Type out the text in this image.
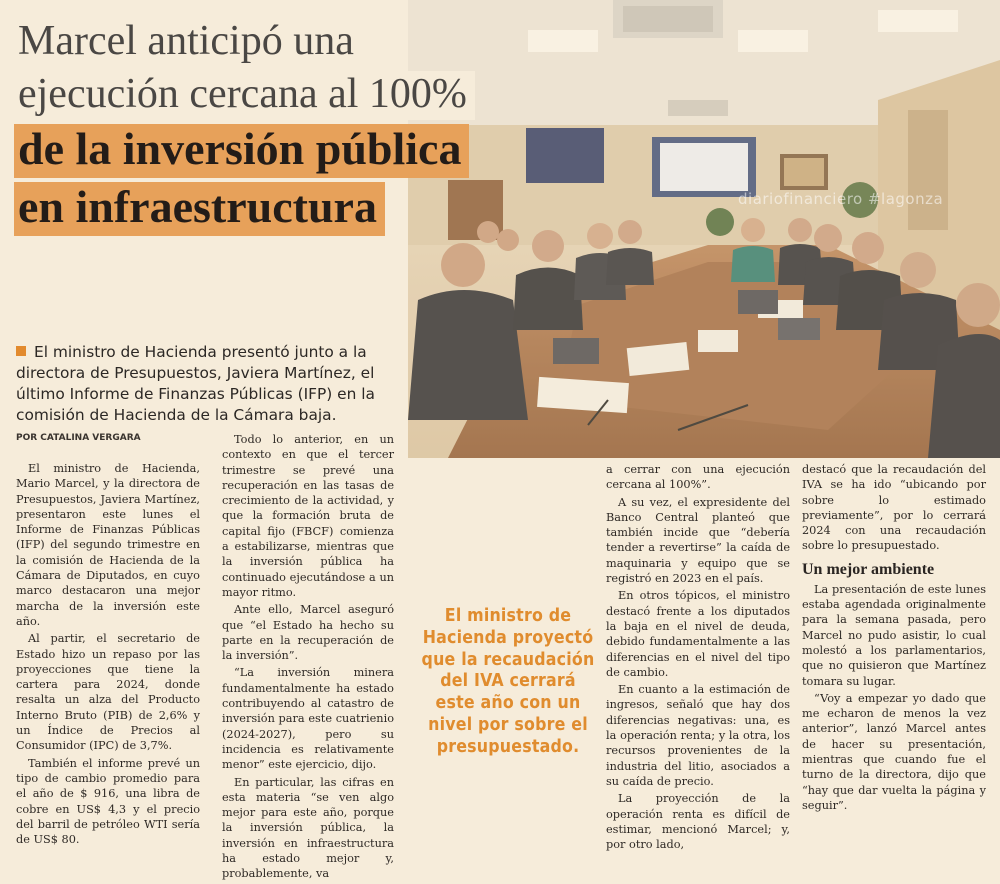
diariofinanciero #lagonza
Marcel anticipó una
ejecución cercana al 100%
de la inversión pública
en infraestructura
El ministro de Hacienda presentó junto a la directora de Presupuestos, Javiera Martínez, el último Informe de Finanzas Públicas (IFP) en la comisión de Hacienda de la Cámara baja.
POR CATALINA VERGARA

El ministro de Hacienda, Mario Marcel, y la directora de Presupuestos, Javiera Martínez, presentaron este lunes el Informe de Finanzas Públicas (IFP) del segundo trimestre en la comisión de Hacienda de la Cámara de Diputados, en cuyo marco destacaron una mejor marcha de la inversión este año.

Al partir, el secretario de Estado hizo un repaso por las proyecciones que tiene la cartera para 2024, donde resalta un alza del Producto Interno Bruto (PIB) de 2,6% y un Índice de Precios al Consumidor (IPC) de 3,7%.

También el informe prevé un tipo de cambio promedio para el año de $ 916, una libra de cobre en US$ 4,3 y el precio del barril de petróleo WTI sería de US$ 80.

Todo lo anterior, en un contexto en que el tercer trimestre se prevé una recuperación en las tasas de crecimiento de la actividad, y que la formación bruta de capital fijo (FBCF) comienza a estabilizarse, mientras que la inversión pública ha continuado ejecutándose a un mayor ritmo.

Ante ello, Marcel aseguró que “el Estado ha hecho su parte en la recuperación de la inversión”.

“La inversión minera fundamentalmente ha estado contribuyendo al catastro de inversión para este cuatrienio (2024-2027), pero su incidencia es relativamente menor” este ejercicio, dijo.

En particular, las cifras en esta materia “se ven algo mejor para este año, porque la inversión pública, la inversión en infraestructura ha estado mejor y, probablemente, va

El ministro de Hacienda proyectó que la recaudación del IVA cerrará este año con un nivel por sobre el presupuestado.

a cerrar con una ejecución cercana al 100%”.

A su vez, el expresidente del Banco Central planteó que también incide que “debería tender a revertirse” la caída de maquinaria y equipo que se registró en 2023 en el país.

En otros tópicos, el ministro destacó frente a los diputados la baja en el nivel de deuda, debido fundamentalmente a las diferencias en el nivel del tipo de cambio.

En cuanto a la estimación de ingresos, señaló que hay dos diferencias negativas: una, es la operación renta; y la otra, los recursos provenientes de la industria del litio, asociados a su caída de precio.

La proyección de la operación renta es difícil de estimar, mencionó Marcel; y, por otro lado,

destacó que la recaudación del IVA se ha ido “ubicando por sobre lo estimado previamente”, por lo cerrará 2024 con una recaudación sobre lo presupuestado.

Un mejor ambiente

La presentación de este lunes estaba agendada originalmente para la semana pasada, pero Marcel no pudo asistir, lo cual molestó a los parlamentarios, que no quisieron que Martínez tomara su lugar.

“Voy a empezar yo dado que me echaron de menos la vez anterior”, lanzó Marcel antes de hacer su presentación, mientras que cuando fue el turno de la directora, dijo que “hay que dar vuelta la página y seguir”.
